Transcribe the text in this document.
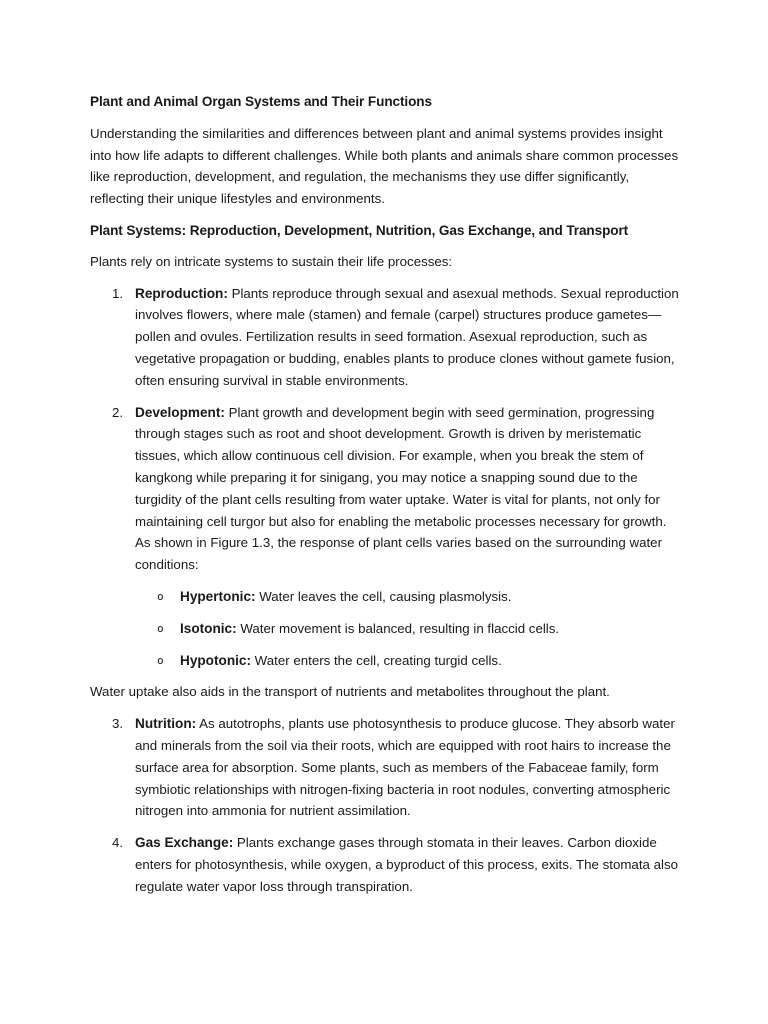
Plant and Animal Organ Systems and Their Functions

Understanding the similarities and differences between plant and animal systems provides insight into how life adapts to different challenges. While both plants and animals share common processes like reproduction, development, and regulation, the mechanisms they use differ significantly, reflecting their unique lifestyles and environments.

Plant Systems: Reproduction, Development, Nutrition, Gas Exchange, and Transport

Plants rely on intricate systems to sustain their life processes:

1. Reproduction: Plants reproduce through sexual and asexual methods. Sexual reproduction involves flowers, where male (stamen) and female (carpel) structures produce gametes—pollen and ovules. Fertilization results in seed formation. Asexual reproduction, such as vegetative propagation or budding, enables plants to produce clones without gamete fusion, often ensuring survival in stable environments.
2. Development: Plant growth and development begin with seed germination, progressing through stages such as root and shoot development. Growth is driven by meristematic tissues, which allow continuous cell division. For example, when you break the stem of kangkong while preparing it for sinigang, you may notice a snapping sound due to the turgidity of the plant cells resulting from water uptake. Water is vital for plants, not only for maintaining cell turgor but also for enabling the metabolic processes necessary for growth. As shown in Figure 1.3, the response of plant cells varies based on the surrounding water conditions:
o Hypertonic: Water leaves the cell, causing plasmolysis.
o Isotonic: Water movement is balanced, resulting in flaccid cells.
o Hypotonic: Water enters the cell, creating turgid cells.

Water uptake also aids in the transport of nutrients and metabolites throughout the plant.

3. Nutrition: As autotrophs, plants use photosynthesis to produce glucose. They absorb water and minerals from the soil via their roots, which are equipped with root hairs to increase the surface area for absorption. Some plants, such as members of the Fabaceae family, form symbiotic relationships with nitrogen-fixing bacteria in root nodules, converting atmospheric nitrogen into ammonia for nutrient assimilation.
4. Gas Exchange: Plants exchange gases through stomata in their leaves. Carbon dioxide enters for photosynthesis, while oxygen, a byproduct of this process, exits. The stomata also regulate water vapor loss through transpiration.
